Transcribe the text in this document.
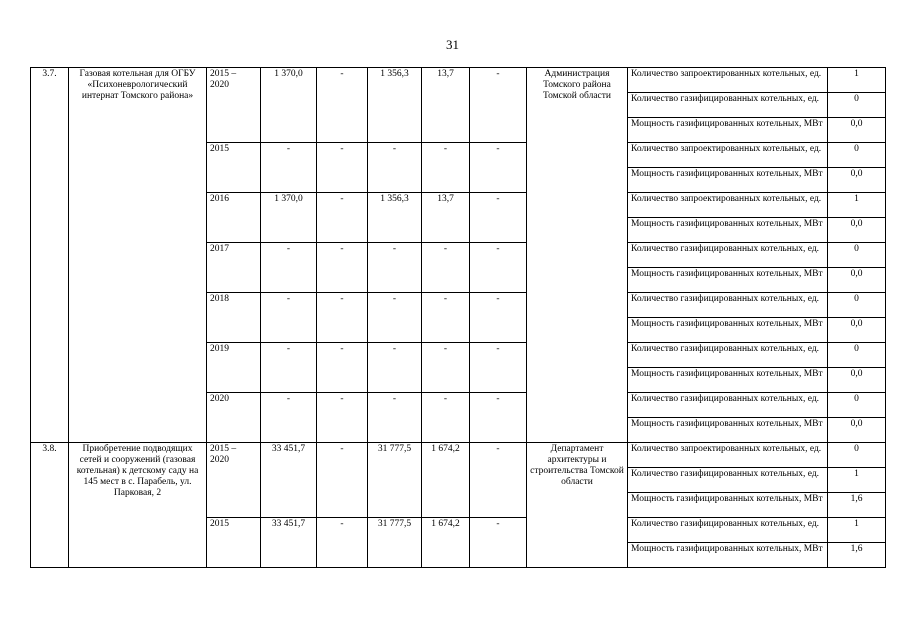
31
3.7.	Газовая котельная для ОГБУ «Психоневрологический интернат Томского района»	2015 – 2020	1 370,0	-	1 356,3	13,7	-	Администрация Томского района Томской области	Количество запроектированных котельных, ед.	1
									Количество газифицированных котельных, ед.	0
									Мощность газифицированных котельных, МВт	0,0
		2015	-	-	-	-	-		Количество запроектированных котельных, ед.	0
									Мощность газифицированных котельных, МВт	0,0
		2016	1 370,0	-	1 356,3	13,7	-		Количество запроектированных котельных, ед.	1
									Мощность газифицированных котельных, МВт	0,0
		2017	-	-	-	-	-		Количество газифицированных котельных, ед.	0
									Мощность газифицированных котельных, МВт	0,0
		2018	-	-	-	-	-		Количество газифицированных котельных, ед.	0
									Мощность газифицированных котельных, МВт	0,0
		2019	-	-	-	-	-		Количество газифицированных котельных, ед.	0
									Мощность газифицированных котельных, МВт	0,0
		2020	-	-	-	-	-		Количество газифицированных котельных, ед.	0
									Мощность газифицированных котельных, МВт	0,0
3.8.	Приобретение подводящих сетей и сооружений (газовая котельная) к детскому саду на 145 мест в с. Парабель, ул. Парковая, 2	2015 – 2020	33 451,7	-	31 777,5	1 674,2	-	Департамент архитектуры и строительства Томской области	Количество запроектированных котельных, ед.	0
									Количество газифицированных котельных, ед.	1
									Мощность газифицированных котельных, МВт	1,6
		2015	33 451,7	-	31 777,5	1 674,2	-		Количество газифицированных котельных, ед.	1
									Мощность газифицированных котельных, МВт	1,6
